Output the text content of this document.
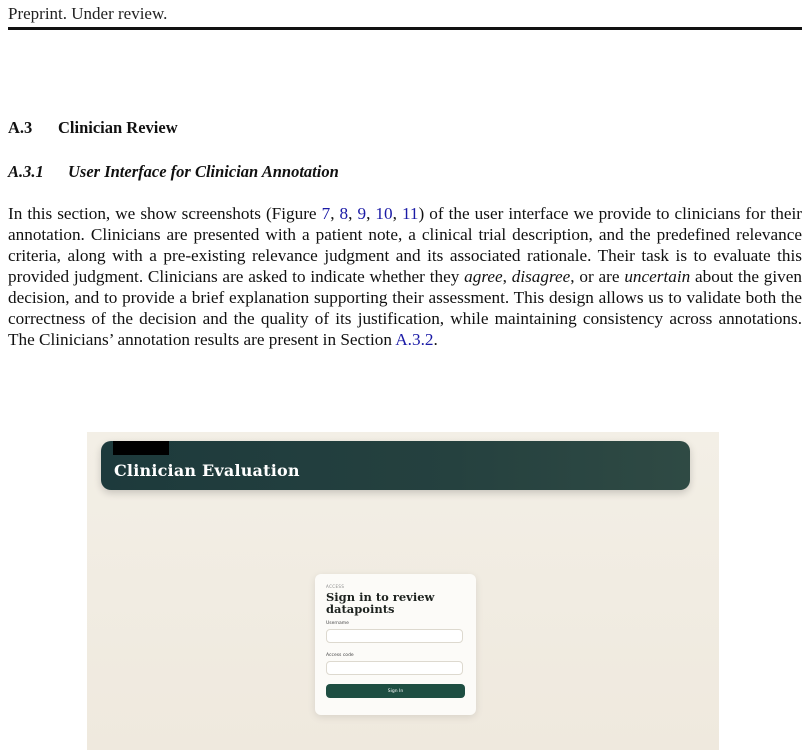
Preprint. Under review.
A.3 Clinician Review
A.3.1 User Interface for Clinician Annotation
In this section, we show screenshots (Figure 7, 8, 9, 10, 11) of the user interface we provide to clinicians for their annotation. Clinicians are presented with a patient note, a clinical trial description, and the predefined relevance criteria, along with a pre-existing relevance judgment and its associated rationale. Their task is to evaluate this provided judgment. Clinicians are asked to indicate whether they agree, disagree, or are uncertain about the given decision, and to provide a brief explanation supporting their assessment. This design allows us to validate both the correctness of the decision and the quality of its justification, while maintaining consistency across annotations. The Clinicians’ annotation results are present in Section A.3.2.
Clinician Evaluation
ACCESS
Sign in to review datapoints
Username
Access code
Sign In
